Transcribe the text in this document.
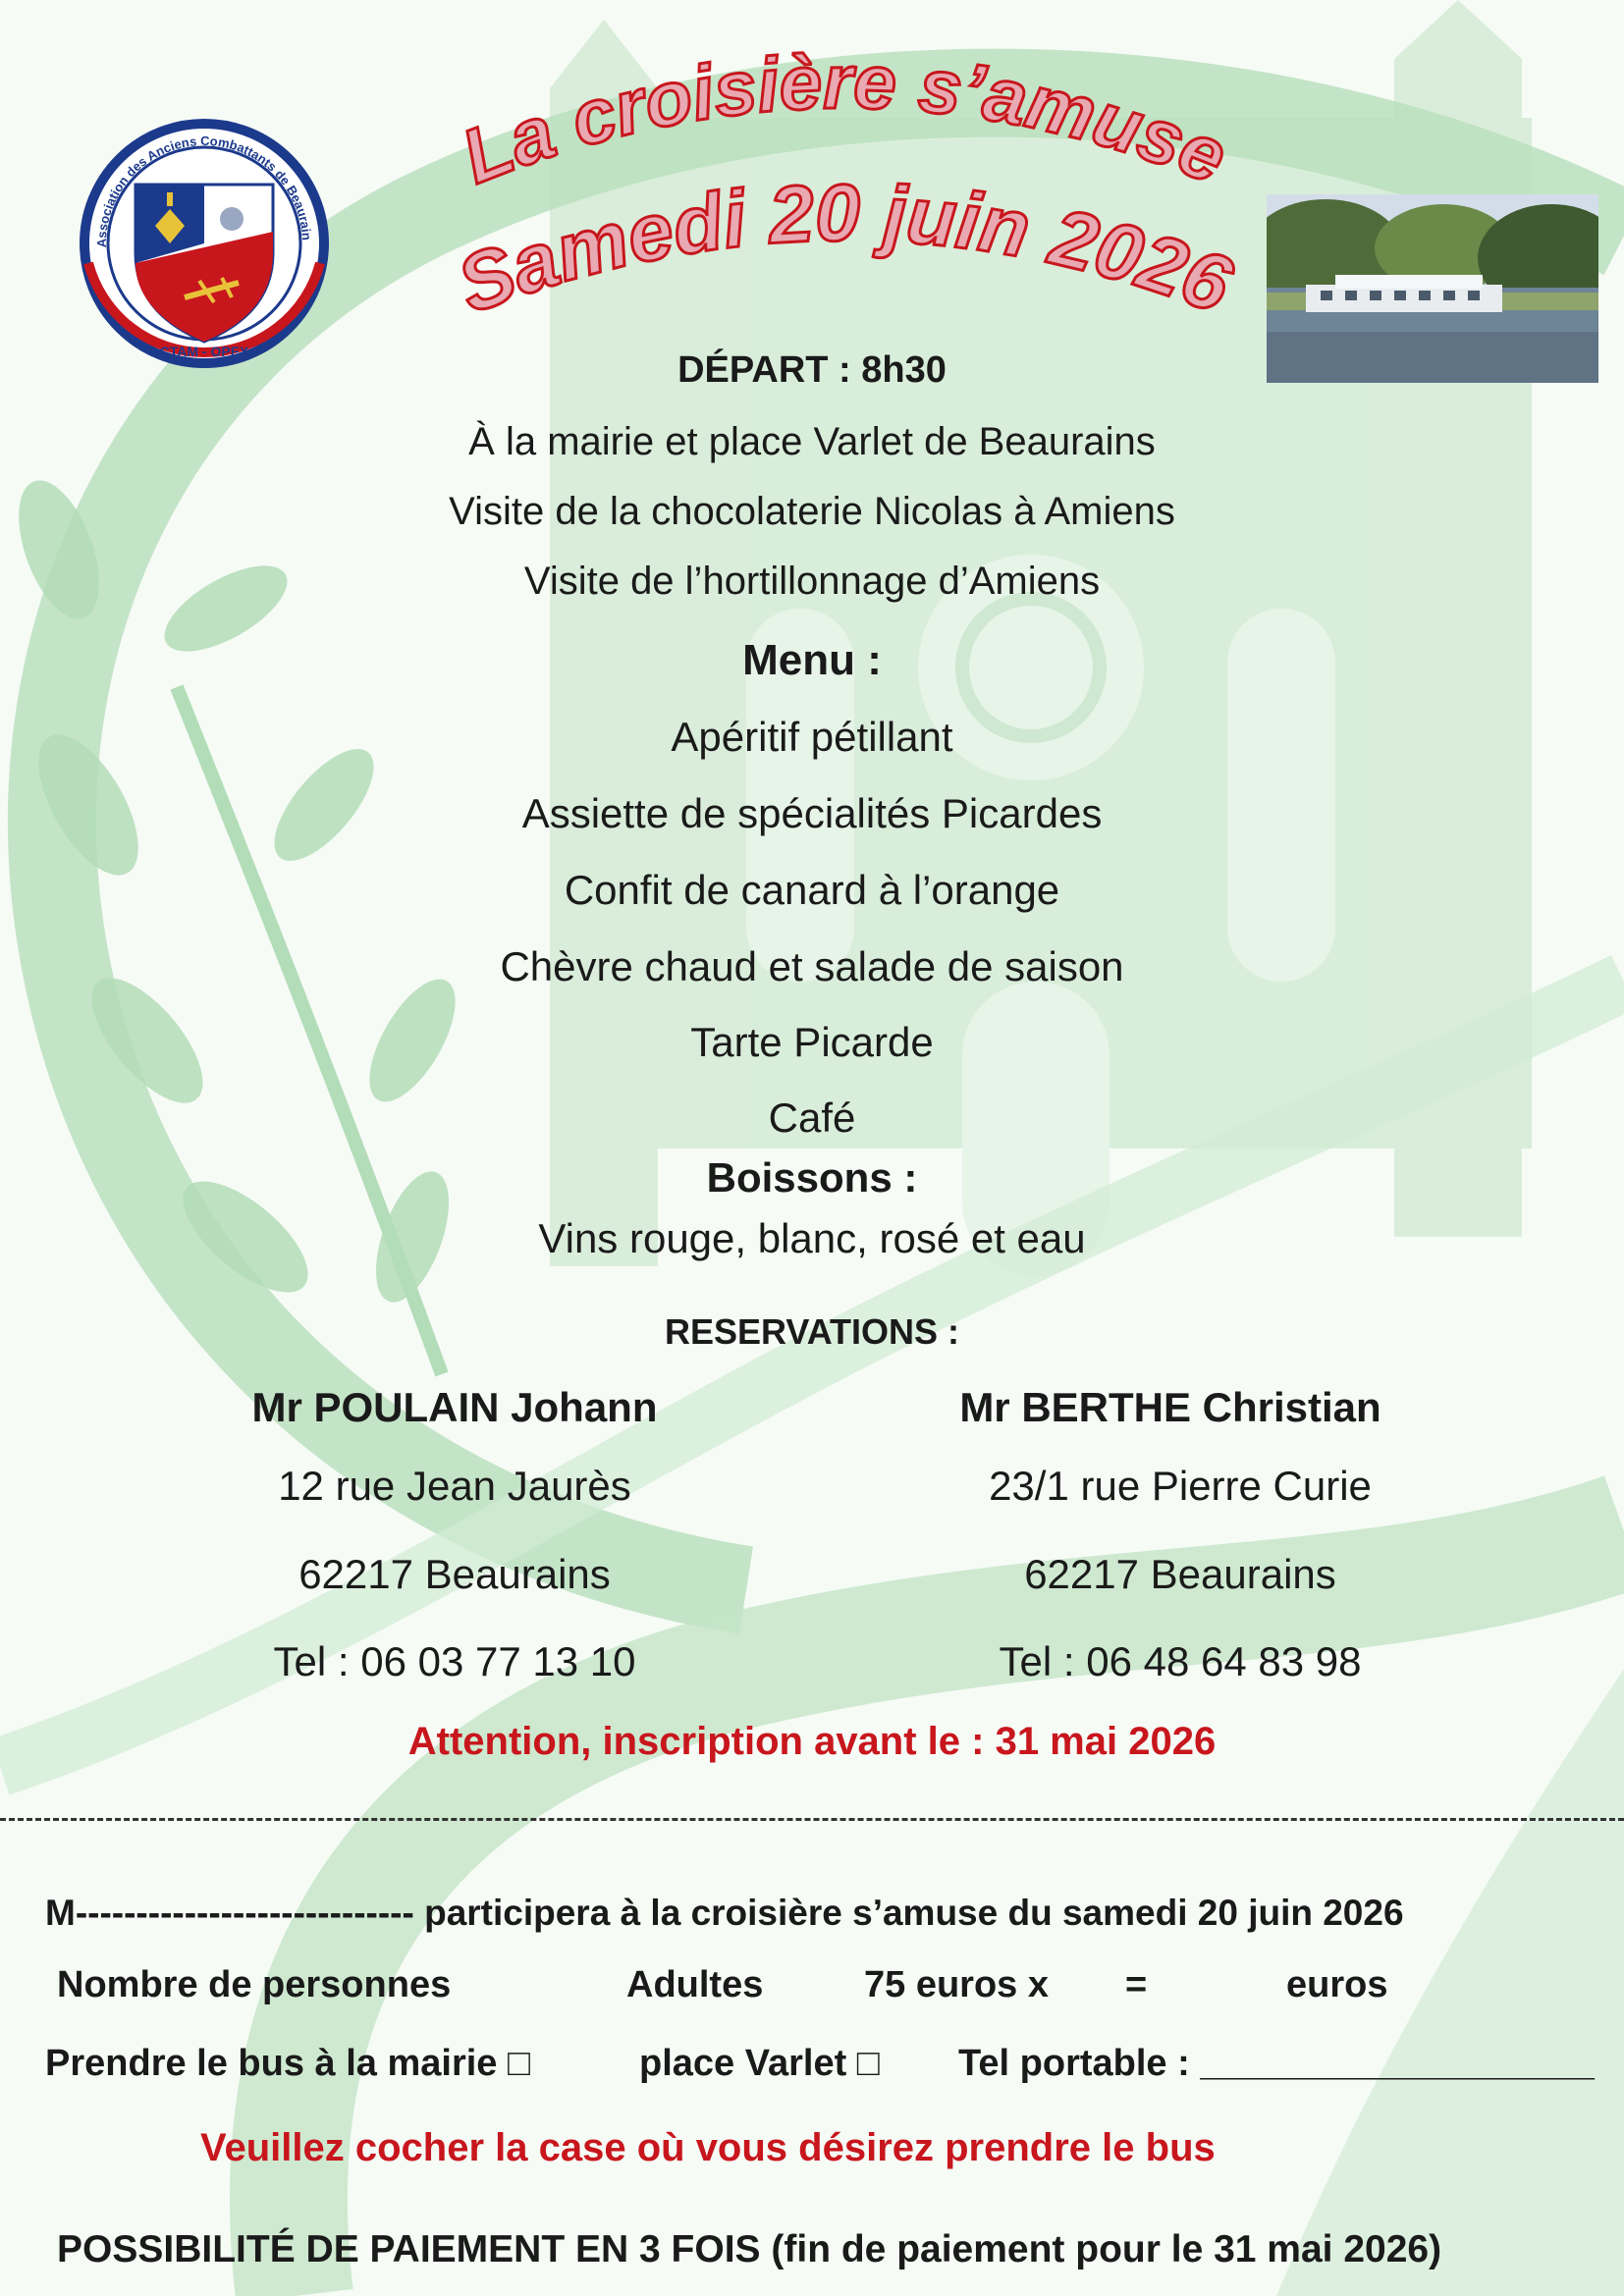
Association des Anciens Combattants de Beaurain
CTAM - OPEX
La croisière s’amuse
Samedi 20 juin 2026
DÉPART : 8h30
À la mairie et place Varlet de Beaurains
Visite de la chocolaterie Nicolas à Amiens
Visite de l’hortillonnage d’Amiens
Menu :
Apéritif pétillant
Assiette de spécialités Picardes
Confit de canard à l’orange
Chèvre chaud et salade de saison
Tarte Picarde
Café
Boissons :
Vins rouge, blanc, rosé et eau
RESERVATIONS :
Mr POULAIN Johann
12 rue Jean Jaurès
62217 Beaurains
Tel : 06 03 77 13 10
Mr BERTHE Christian
23/1 rue Pierre Curie
62217 Beaurains
Tel : 06 48 64 83 98
Attention, inscription avant le : 31 mai 2026
M---------------------------- participera à la croisière s’amuse du samedi 20 juin 2026
Nombre de personnes	Adultes	75 euros x =	euros
Prendre le bus à la mairie □	place Varlet □ Tel portable : ___________________
Veuillez cocher la case où vous désirez prendre le bus
POSSIBILITÉ DE PAIEMENT EN 3 FOIS (fin de paiement pour le 31 mai 2026)
